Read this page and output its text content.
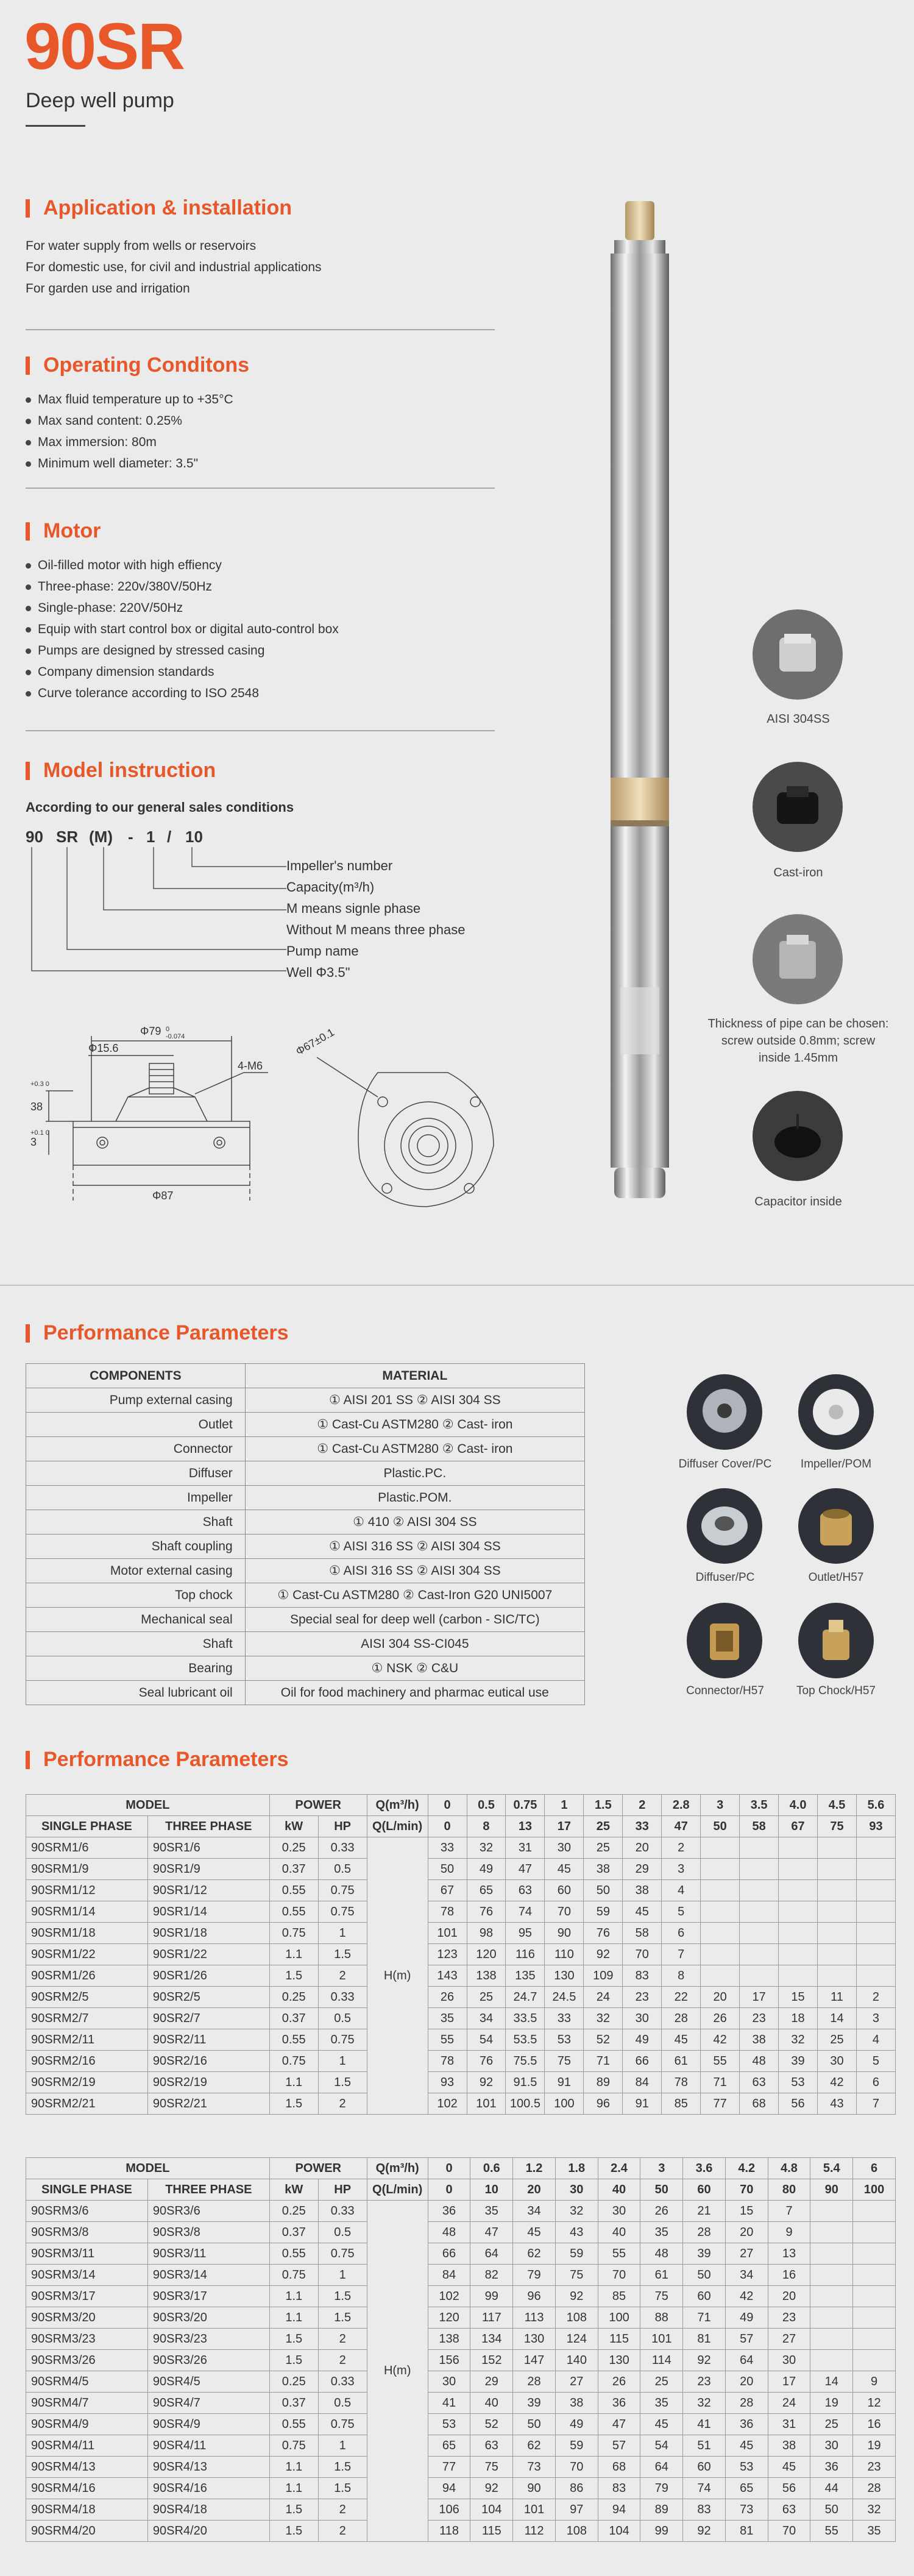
90SR
Deep well pump
Application & installation
For water supply from wells or reservoirs
For domestic use, for civil and industrial applications
For garden use and irrigation
Operating Conditons
Max fluid temperature up to +35°C
Max sand content: 0.25%
Max immersion: 80m
Minimum well diameter: 3.5"
Motor
Oil-filled motor with high effiency
Three-phase: 220v/380V/50Hz
Single-phase: 220V/50Hz
Equip with start control box or digital auto-control box
Pumps are designed by stressed casing
Company dimension standards
Curve tolerance according to ISO 2548
Model instruction
According to our general sales conditions
90 SR (M) - 1 / 10
Impeller's number
Capacity(m³/h)
M means signle phase
Without M means three phase
Pump name
Well Φ3.5"
Φ79 0
-0.074
Φ15.6
4-M6
Φ87
38
+0.3 0
3
+0.1 0
Φ67±0.1
AISI 304SS
Cast-iron
Thickness of pipe can be chosen: screw outside 0.8mm; screw inside 1.45mm
Capacitor inside
Performance Parameters
COMPONENTS	MATERIAL
Pump external casing	① AISI 201 SS ② AISI 304 SS
Outlet	① Cast-Cu ASTM280 ② Cast- iron
Connector	① Cast-Cu ASTM280 ② Cast- iron
Diffuser	Plastic.PC.
Impeller	Plastic.POM.
Shaft	① 410 ② AISI 304 SS
Shaft coupling	① AISI 316 SS ② AISI 304 SS
Motor external casing	① AISI 316 SS ② AISI 304 SS
Top chock	① Cast-Cu ASTM280 ② Cast-Iron G20 UNI5007
Mechanical seal	Special seal for deep well (carbon - SIC/TC)
Shaft	AISI 304 SS-CI045
Bearing	① NSK ② C&U
Seal lubricant oil	Oil for food machinery and pharmac eutical use
Diffuser Cover/PC	Impeller/POM
Diffuser/PC	Outlet/H57
Connector/H57	Top Chock/H57
Performance Parameters
MODEL		POWER		Q(m³/h)	0	0.5	0.75	1	1.5	2	2.8	3	3.5	4.0	4.5	5.6
SINGLE PHASE	THREE PHASE	kW	HP	Q(L/min)	0	8	13	17	25	33	47	50	58	67	75	93
90SRM1/6	90SR1/6	0.25	0.33	H(m)	33	32	31	30	25	20	2					
90SRM1/9	90SR1/9	0.37	0.5		50	49	47	45	38	29	3					
90SRM1/12	90SR1/12	0.55	0.75		67	65	63	60	50	38	4					
90SRM1/14	90SR1/14	0.55	0.75		78	76	74	70	59	45	5					
90SRM1/18	90SR1/18	0.75	1		101	98	95	90	76	58	6					
90SRM1/22	90SR1/22	1.1	1.5		123	120	116	110	92	70	7					
90SRM1/26	90SR1/26	1.5	2		143	138	135	130	109	83	8					
90SRM2/5	90SR2/5	0.25	0.33		26	25	24.7	24.5	24	23	22	20	17	15	11	2
90SRM2/7	90SR2/7	0.37	0.5		35	34	33.5	33	32	30	28	26	23	18	14	3
90SRM2/11	90SR2/11	0.55	0.75		55	54	53.5	53	52	49	45	42	38	32	25	4
90SRM2/16	90SR2/16	0.75	1		78	76	75.5	75	71	66	61	55	48	39	30	5
90SRM2/19	90SR2/19	1.1	1.5		93	92	91.5	91	89	84	78	71	63	53	42	6
90SRM2/21	90SR2/21	1.5	2		102	101	100.5	100	96	91	85	77	68	56	43	7
MODEL		POWER		Q(m³/h)	0	0.6	1.2	1.8	2.4	3	3.6	4.2	4.8	5.4	6
SINGLE PHASE	THREE PHASE	kW	HP	Q(L/min)	0	10	20	30	40	50	60	70	80	90	100
90SRM3/6	90SR3/6	0.25	0.33	H(m)	36	35	34	32	30	26	21	15	7		
90SRM3/8	90SR3/8	0.37	0.5		48	47	45	43	40	35	28	20	9		
90SRM3/11	90SR3/11	0.55	0.75		66	64	62	59	55	48	39	27	13		
90SRM3/14	90SR3/14	0.75	1		84	82	79	75	70	61	50	34	16		
90SRM3/17	90SR3/17	1.1	1.5		102	99	96	92	85	75	60	42	20		
90SRM3/20	90SR3/20	1.1	1.5		120	117	113	108	100	88	71	49	23		
90SRM3/23	90SR3/23	1.5	2		138	134	130	124	115	101	81	57	27		
90SRM3/26	90SR3/26	1.5	2		156	152	147	140	130	114	92	64	30		
90SRM4/5	90SR4/5	0.25	0.33		30	29	28	27	26	25	23	20	17	14	9
90SRM4/7	90SR4/7	0.37	0.5		41	40	39	38	36	35	32	28	24	19	12
90SRM4/9	90SR4/9	0.55	0.75		53	52	50	49	47	45	41	36	31	25	16
90SRM4/11	90SR4/11	0.75	1		65	63	62	59	57	54	51	45	38	30	19
90SRM4/13	90SR4/13	1.1	1.5		77	75	73	70	68	64	60	53	45	36	23
90SRM4/16	90SR4/16	1.1	1.5		94	92	90	86	83	79	74	65	56	44	28
90SRM4/18	90SR4/18	1.5	2		106	104	101	97	94	89	83	73	63	50	32
90SRM4/20	90SR4/20	1.5	2		118	115	112	108	104	99	92	81	70	55	35
